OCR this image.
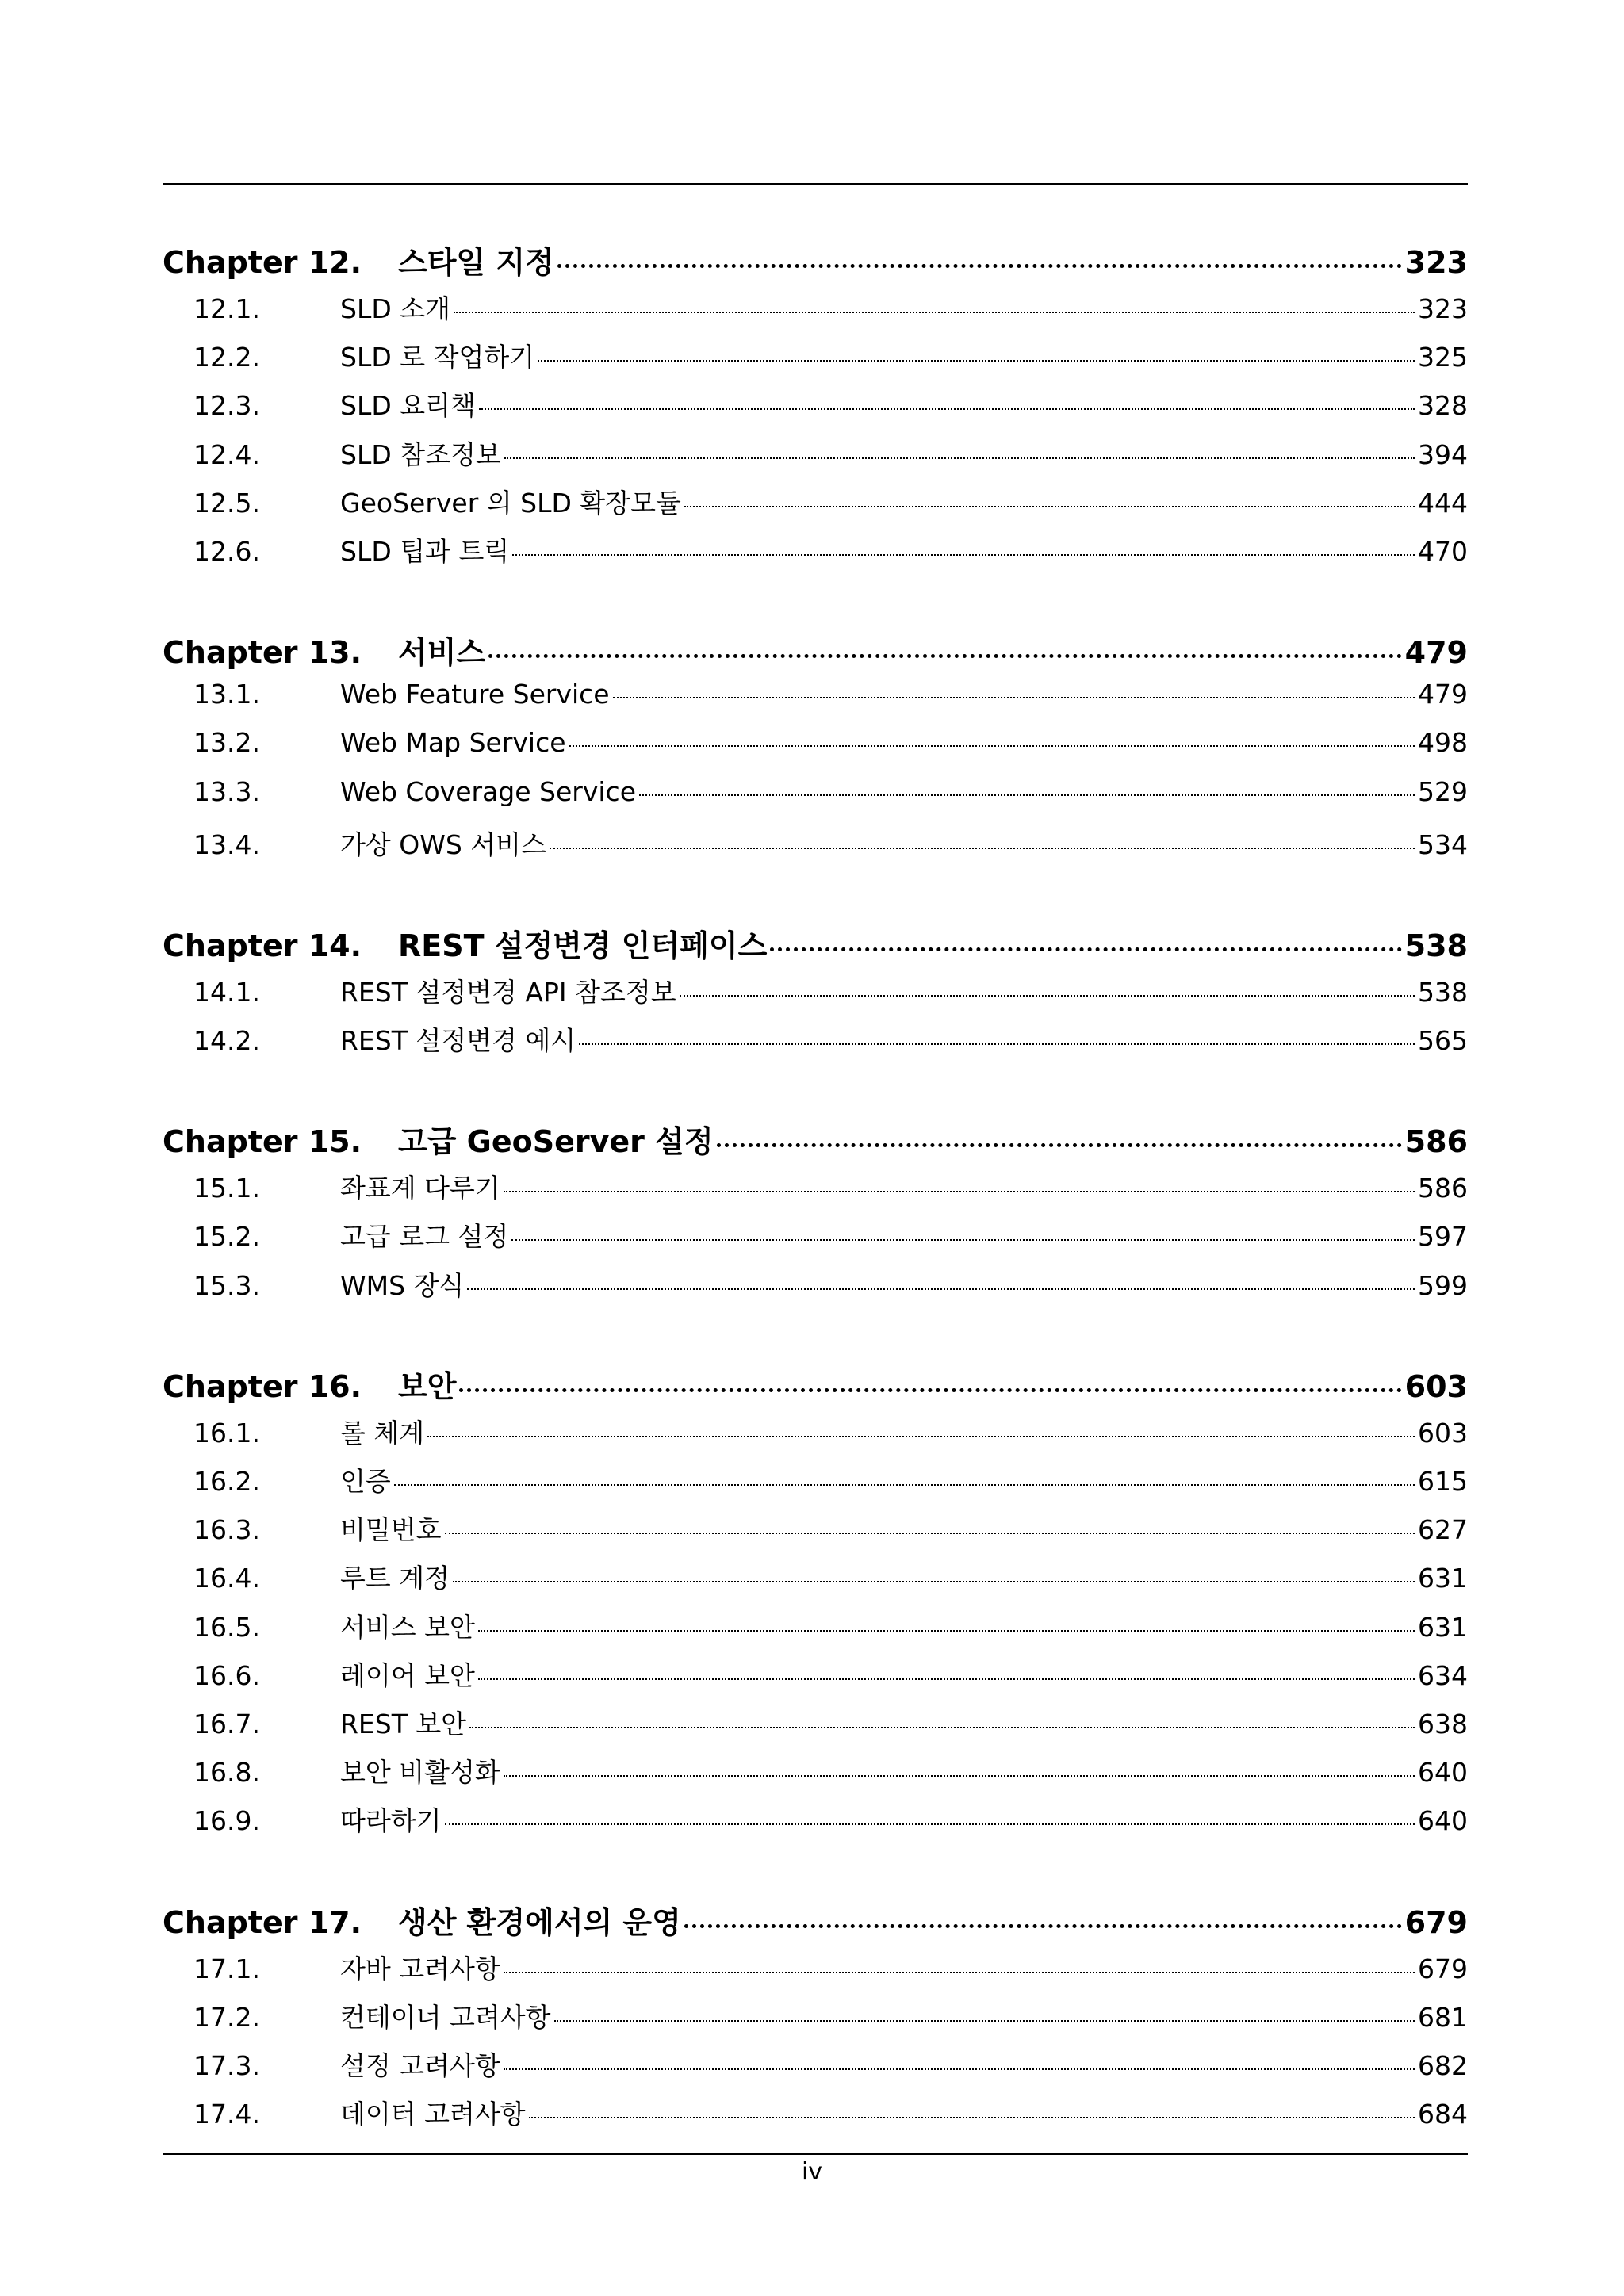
Chapter 12.	스타일 지정	323
12.1.	SLD 소개	323
12.2.	SLD 로 작업하기	325
12.3.	SLD 요리책	328
12.4.	SLD 참조정보	394
12.5.	GeoServer 의 SLD 확장모듈	444
12.6.	SLD 팁과 트릭	470
Chapter 13.	서비스	479
13.1.	Web Feature Service	479
13.2.	Web Map Service	498
13.3.	Web Coverage Service	529
13.4.	가상 OWS 서비스	534
Chapter 14.	REST 설정변경 인터페이스	538
14.1.	REST 설정변경 API 참조정보	538
14.2.	REST 설정변경 예시	565
Chapter 15.	고급 GeoServer 설정	586
15.1.	좌표계 다루기	586
15.2.	고급 로그 설정	597
15.3.	WMS 장식	599
Chapter 16.	보안	603
16.1.	롤 체계	603
16.2.	인증	615
16.3.	비밀번호	627
16.4.	루트 계정	631
16.5.	서비스 보안	631
16.6.	레이어 보안	634
16.7.	REST 보안	638
16.8.	보안 비활성화	640
16.9.	따라하기	640
Chapter 17.	생산 환경에서의 운영	679
17.1.	자바 고려사항	679
17.2.	컨테이너 고려사항	681
17.3.	설정 고려사항	682
17.4.	데이터 고려사항	684
iv
